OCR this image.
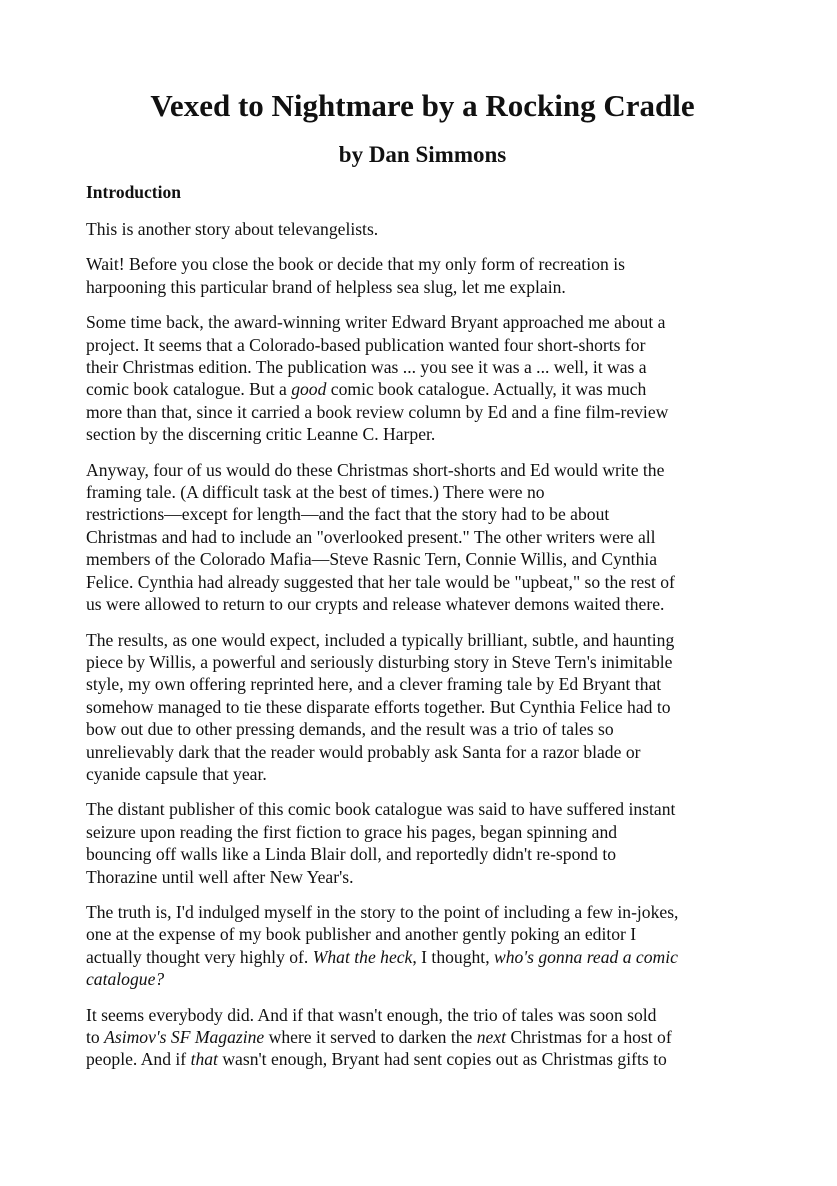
Vexed to Nightmare by a Rocking Cradle
by Dan Simmons
Introduction

This is another story about televangelists.

Wait! Before you close the book or decide that my only form of recreation is
harpooning this particular brand of helpless sea slug, let me explain.

Some time back, the award-winning writer Edward Bryant approached me about a
project. It seems that a Colorado-based publication wanted four short-shorts for
their Christmas edition. The publication was ... you see it was a ... well, it was a
comic book catalogue. But a good comic book catalogue. Actually, it was much
more than that, since it carried a book review column by Ed and a fine film-review
section by the discerning critic Leanne C. Harper.

Anyway, four of us would do these Christmas short-shorts and Ed would write the
framing tale. (A difficult task at the best of times.) There were no
restrictions—except for length—and the fact that the story had to be about
Christmas and had to include an "overlooked present." The other writers were all
members of the Colorado Mafia—Steve Rasnic Tern, Connie Willis, and Cynthia
Felice. Cynthia had already suggested that her tale would be "upbeat," so the rest of
us were allowed to return to our crypts and release whatever demons waited there.

The results, as one would expect, included a typically brilliant, subtle, and haunting
piece by Willis, a powerful and seriously disturbing story in Steve Tern's inimitable
style, my own offering reprinted here, and a clever framing tale by Ed Bryant that
somehow managed to tie these disparate efforts together. But Cynthia Felice had to
bow out due to other pressing demands, and the result was a trio of tales so
unrelievably dark that the reader would probably ask Santa for a razor blade or
cyanide capsule that year.

The distant publisher of this comic book catalogue was said to have suffered instant
seizure upon reading the first fiction to grace his pages, began spinning and
bouncing off walls like a Linda Blair doll, and reportedly didn't re-spond to
Thorazine until well after New Year's.

The truth is, I'd indulged myself in the story to the point of including a few in-jokes,
one at the expense of my book publisher and another gently poking an editor I
actually thought very highly of. What the heck, I thought, who's gonna read a comic
catalogue?

It seems everybody did. And if that wasn't enough, the trio of tales was soon sold
to Asimov's SF Magazine where it served to darken the next Christmas for a host of
people. And if that wasn't enough, Bryant had sent copies out as Christmas gifts to
